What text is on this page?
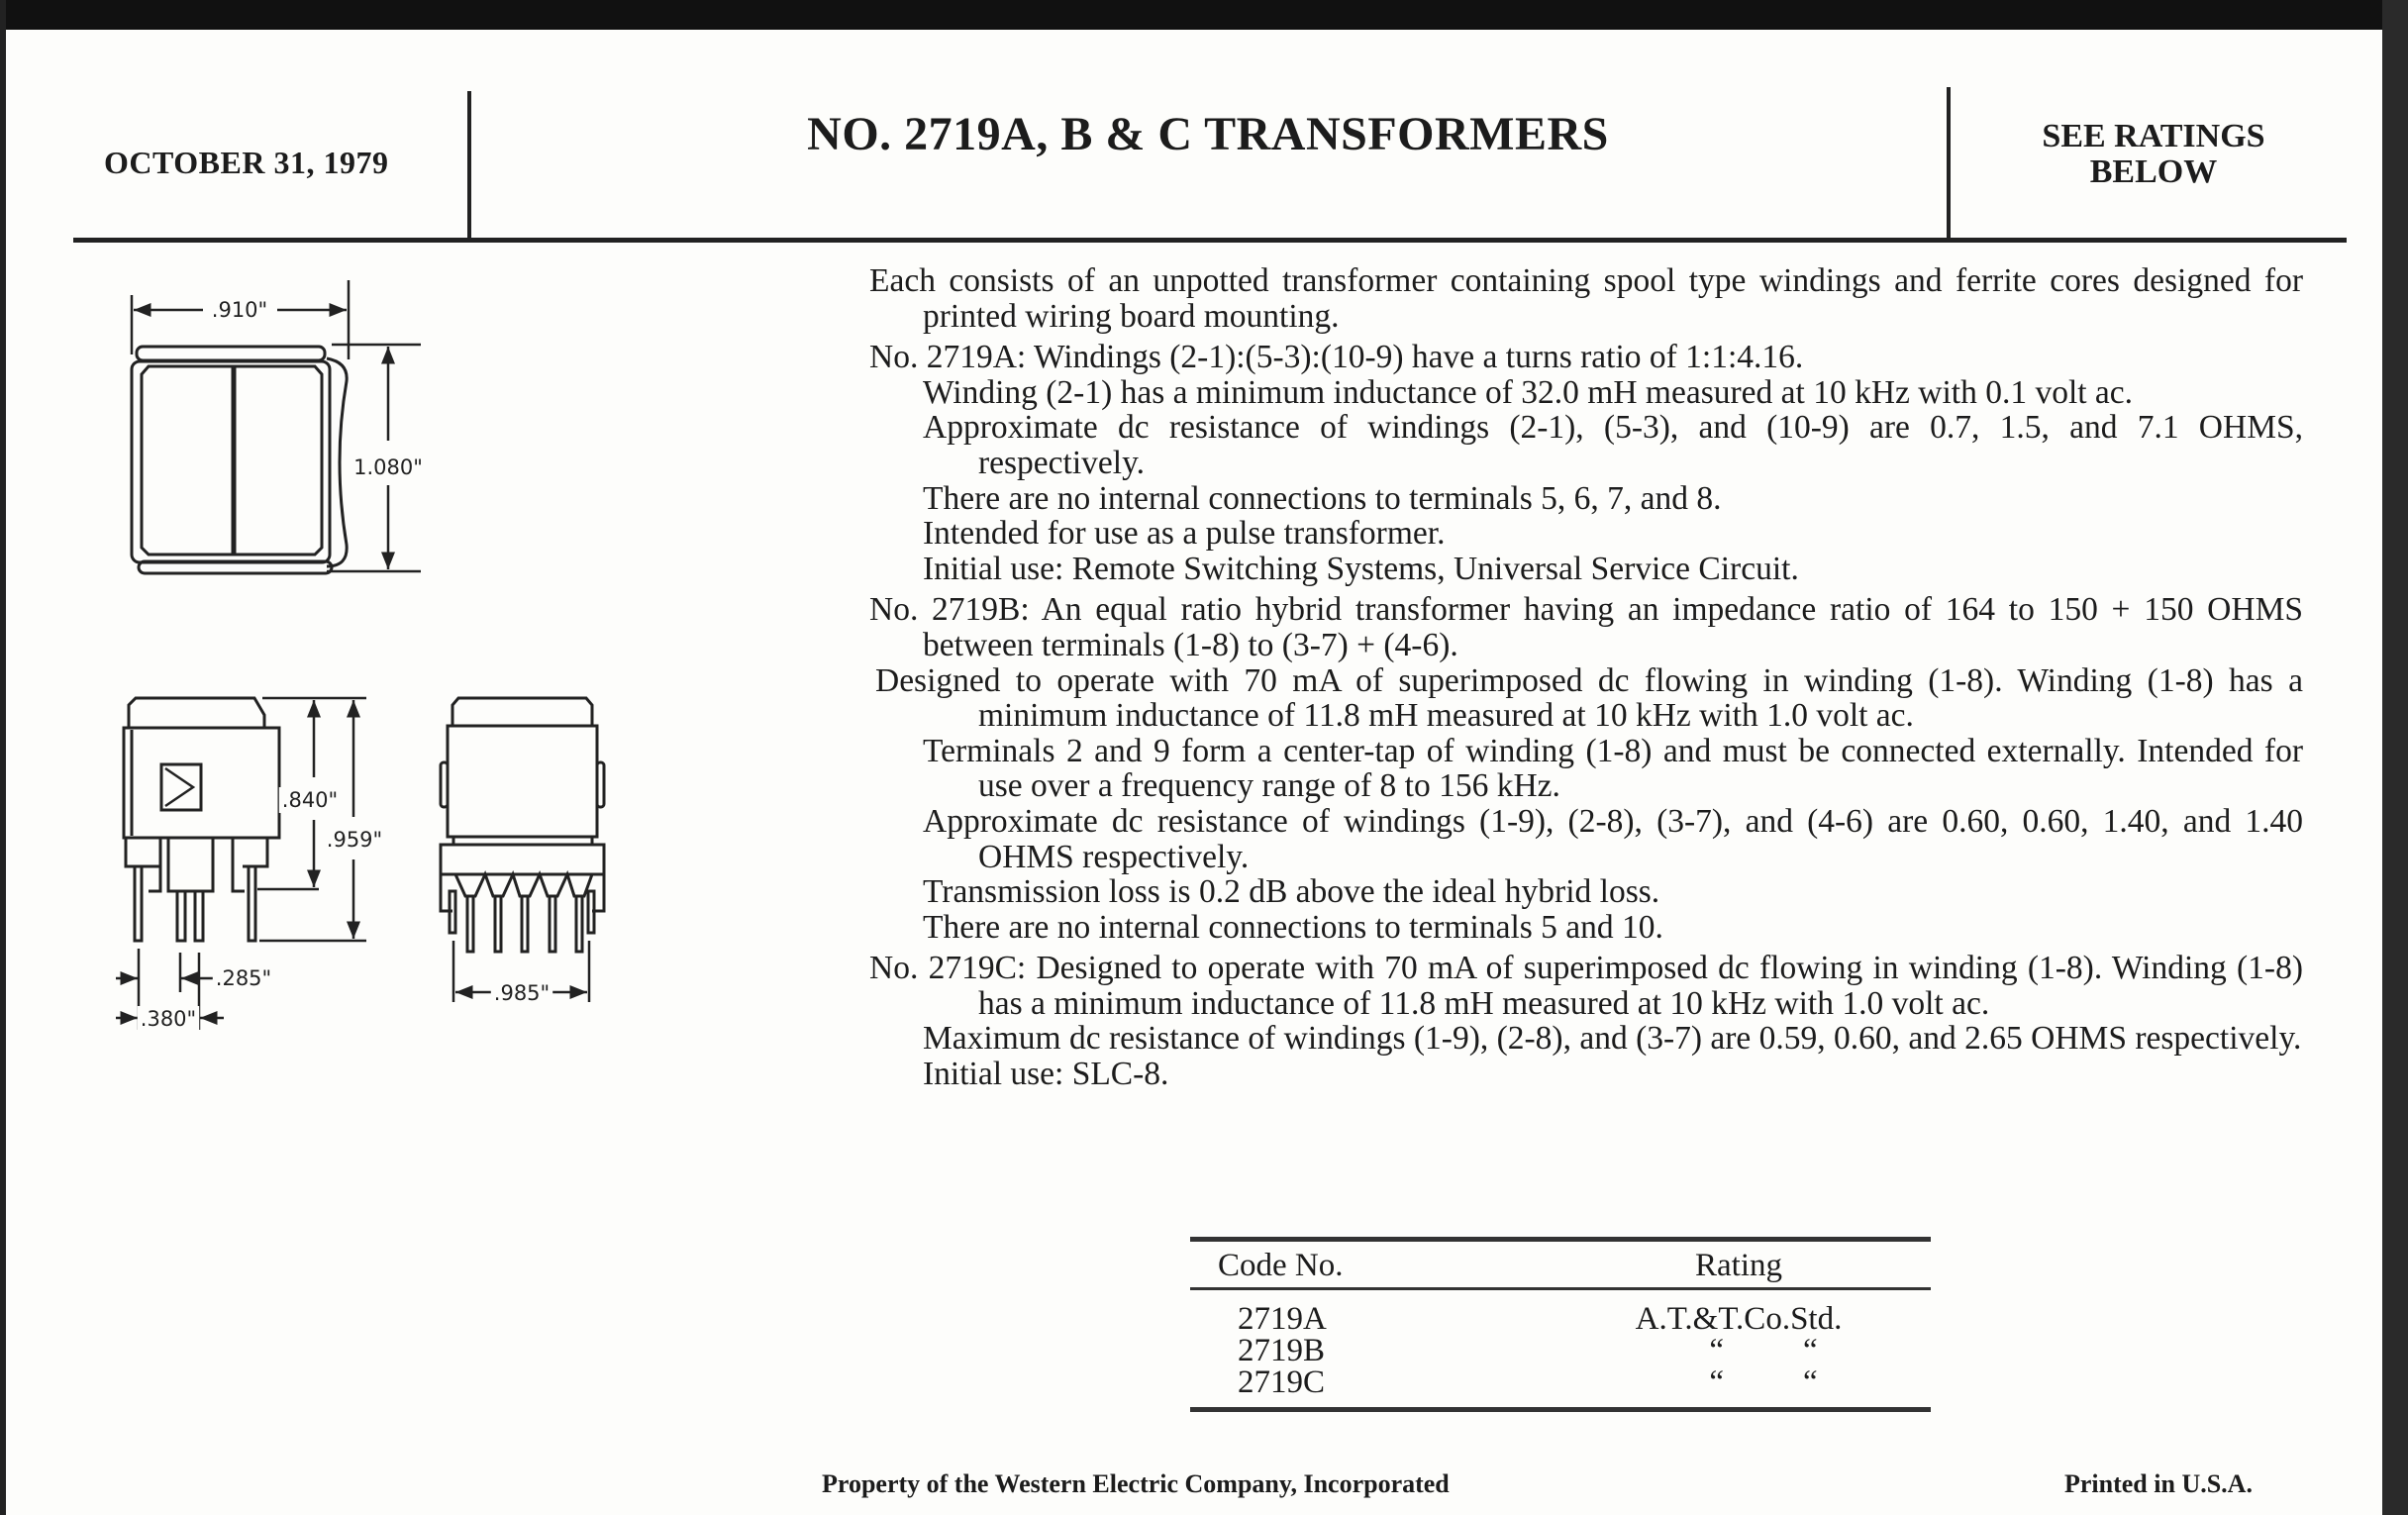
OCTOBER 31, 1979
NO. 2719A, B & C TRANSFORMERS	SEE RATINGS
BELOW
.910"
1.080"
.840"
.959"
.285"
.380"
.985"
Each consists of an unpotted transformer containing spool type windings and ferrite cores designed for printed wiring board mounting.
No. 2719A: Windings (2-1):(5-3):(10-9) have a turns ratio of 1:1:4.16.
Winding (2-1) has a minimum inductance of 32.0 mH measured at 10 kHz with 0.1 volt ac.
Approximate dc resistance of windings (2-1), (5-3), and (10-9) are 0.7, 1.5, and 7.1 OHMS, respectively.
There are no internal connections to terminals 5, 6, 7, and 8.
Intended for use as a pulse transformer.
Initial use: Remote Switching Systems, Universal Service Circuit.
No. 2719B: An equal ratio hybrid transformer having an impedance ratio of 164 to 150 + 150 OHMS between terminals (1-8) to (3-7) + (4-6).
Designed to operate with 70 mA of superimposed dc flowing in winding (1-8). Winding (1-8) has a minimum inductance of 11.8 mH measured at 10 kHz with 1.0 volt ac.
Terminals 2 and 9 form a center-tap of winding (1-8) and must be connected externally. Intended for use over a frequency range of 8 to 156 kHz.
Approximate dc resistance of windings (1-9), (2-8), (3-7), and (4-6) are 0.60, 0.60, 1.40, and 1.40 OHMS respectively.
Transmission loss is 0.2 dB above the ideal hybrid loss.
There are no internal connections to terminals 5 and 10.
No. 2719C: Designed to operate with 70 mA of superimposed dc flowing in winding (1-8). Winding (1-8) has a minimum inductance of 11.8 mH measured at 10 kHz with 1.0 volt ac.
Maximum dc resistance of windings (1-9), (2-8), and (3-7) are 0.59, 0.60, and 2.65 OHMS respectively.
Initial use: SLC-8.
Code No.	Rating
2719A	A.T.&T.Co.Std.
2719B	“ “
2719C	“ “
Property of the Western Electric Company, Incorporated	Printed in U.S.A.
